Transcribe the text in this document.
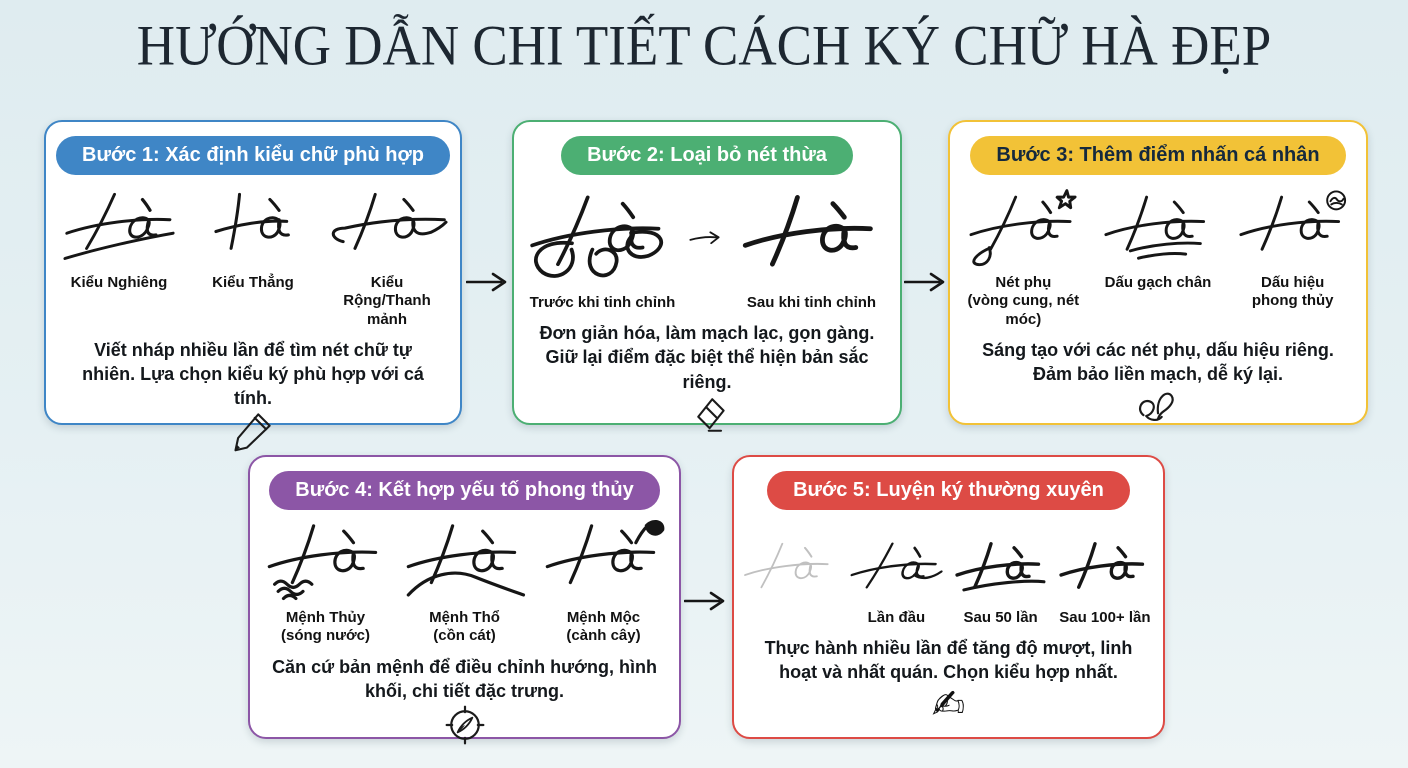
HƯỚNG DẪN CHI TIẾT CÁCH KÝ CHỮ HÀ ĐẸP
Bước 1: Xác định kiểu chữ phù hợp
Kiểu Nghiêng	Kiểu Thẳng	Kiểu
Rộng/Thanh mảnh
Viết nháp nhiều lần để tìm nét chữ tự nhiên. Lựa chọn kiểu ký phù hợp với cá tính.
Bước 2: Loại bỏ nét thừa
Trước khi tinh chỉnh	Sau khi tinh chỉnh
Đơn giản hóa, làm mạch lạc, gọn gàng. Giữ lại điểm đặc biệt thể hiện bản sắc riêng.
Bước 3: Thêm điểm nhấn cá nhân
Nét phụ
(vòng cung, nét móc)
Dấu gạch chân	Dấu hiệu
phong thủy
Sáng tạo với các nét phụ, dấu hiệu riêng. Đảm bảo liền mạch, dễ ký lại.
Bước 4: Kết hợp yếu tố phong thủy
Mệnh Thủy
(sóng nước)
Mệnh Thổ
(cồn cát)
Mệnh Mộc
(cành cây)
Căn cứ bản mệnh để điều chỉnh hướng, hình khối, chi tiết đặc trưng.
Bước 5: Luyện ký thường xuyên
Lần đầu	Sau 50 lần Sau 100+ lần
Thực hành nhiều lần để tăng độ mượt, linh hoạt và nhất quán. Chọn kiểu hợp nhất.
✍
